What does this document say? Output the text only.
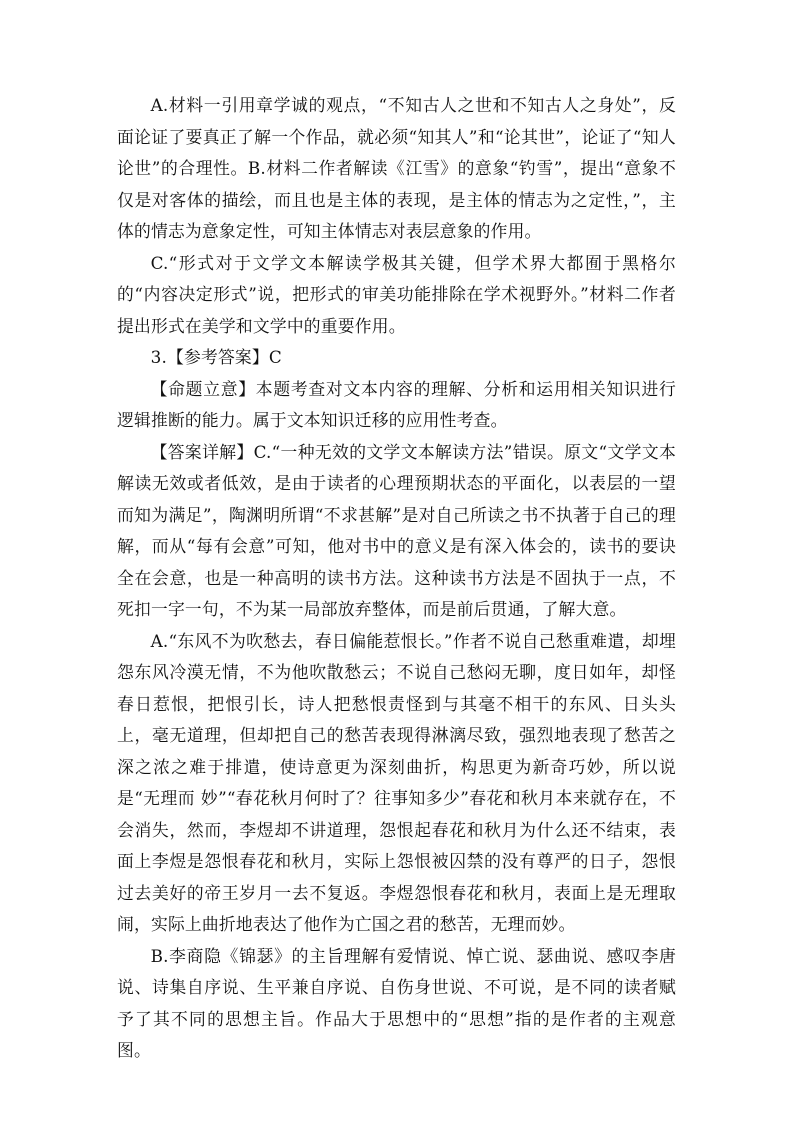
A.材料一引用章学诚的观点，“不知古人之世和不知古人之身处”，反面论证了要真正了解一个作品，就必须“知其人”和“论其世”，论证了“知人论世”的合理性。B.材料二作者解读《江雪》的意象“钓雪”，提出“意象不仅是对客体的描绘，而且也是主体的表现，是主体的情志为之定性，”，主体的情志为意象定性，可知主体情志对表层意象的作用。

C.“形式对于文学文本解读学极其关键，但学术界大都囿于黑格尔的“内容决定形式”说，把形式的审美功能排除在学术视野外。”材料二作者提出形式在美学和文学中的重要作用。

3.【参考答案】C

【命题立意】本题考查对文本内容的理解、分析和运用相关知识进行逻辑推断的能力。属于文本知识迁移的应用性考查。

【答案详解】C.“一种无效的文学文本解读方法”错误。原文“文学文本解读无效或者低效，是由于读者的心理预期状态的平面化，以表层的一望而知为满足”，陶渊明所谓“不求甚解”是对自己所读之书不执著于自己的理解，而从“每有会意”可知，他对书中的意义是有深入体会的，读书的要诀全在会意，也是一种高明的读书方法。这种读书方法是不固执于一点，不死扣一字一句，不为某一局部放弃整体，而是前后贯通，了解大意。

A.“东风不为吹愁去，春日偏能惹恨长。”作者不说自己愁重难遣，却埋怨东风冷漠无情，不为他吹散愁云；不说自己愁闷无聊，度日如年，却怪春日惹恨，把恨引长，诗人把愁恨责怪到与其毫不相干的东风、日头头上，毫无道理，但却把自己的愁苦表现得淋漓尽致，强烈地表现了愁苦之深之浓之难于排遣，使诗意更为深刻曲折，构思更为新奇巧妙，所以说是“无理而 妙”“春花秋月何时了？往事知多少”春花和秋月本来就存在，不会消失，然而，李煜却不讲道理，怨恨起春花和秋月为什么还不结束，表面上李煜是怨恨春花和秋月，实际上怨恨被囚禁的没有尊严的日子，怨恨过去美好的帝王岁月一去不复返。李煜怨恨春花和秋月，表面上是无理取闹，实际上曲折地表达了他作为亡国之君的愁苦，无理而妙。

B.李商隐《锦瑟》的主旨理解有爱情说、悼亡说、瑟曲说、感叹李唐说、诗集自序说、生平兼自序说、自伤身世说、不可说，是不同的读者赋予了其不同的思想主旨。作品大于思想中的“思想”指的是作者的主观意图。
